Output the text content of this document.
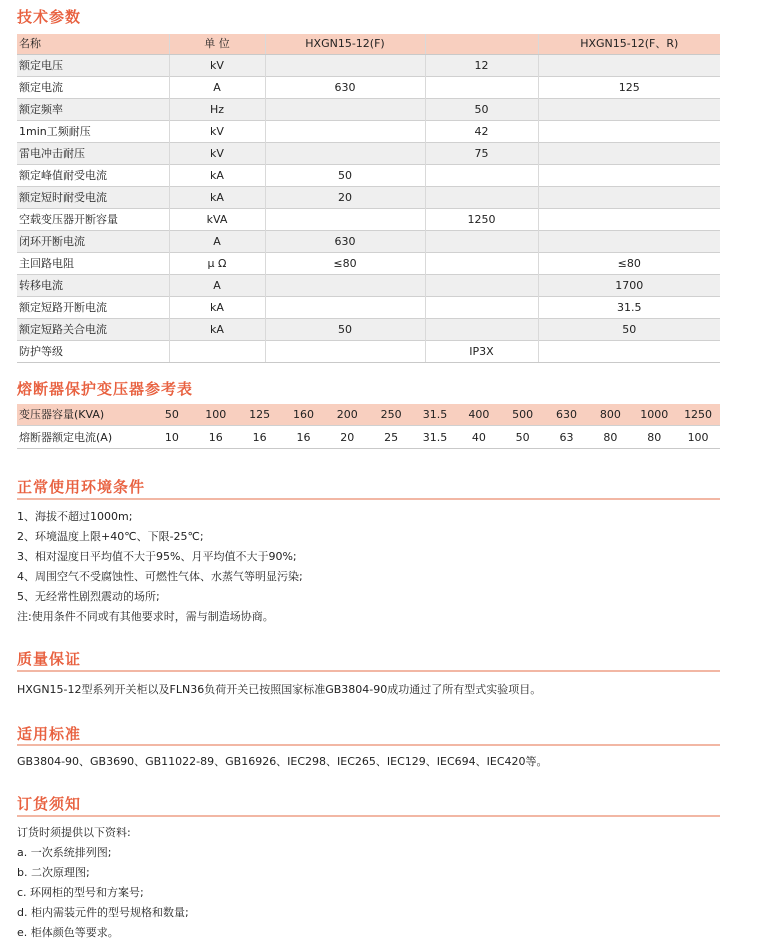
技术参数
名称	单 位	HXGN15-12(F)		HXGN15-12(F、R)
额定电压	kV		12	
额定电流	A	630		125
额定频率	Hz		50	
1min工频耐压	kV		42	
雷电冲击耐压	kV		75	
额定峰值耐受电流	kA	50		
额定短时耐受电流	kA	20		
空载变压器开断容量	kVA		1250	
闭环开断电流	A	630		
主回路电阻	μ Ω	≤80		≤80
转移电流	A			1700
额定短路开断电流	kA			31.5
额定短路关合电流	kA	50		50
防护等级			IP3X	
熔断器保护变压器参考表
变压器容量(KVA)	50	100	125	160	200	250	31.5	400	500	630	800	1000	1250
熔断器额定电流(A)	10	16	16	16	20	25	31.5	40	50	63	80	80	100
正常使用环境条件
1、海拔不超过1000m;
2、环境温度上限+40℃、下限-25℃;
3、相对湿度日平均值不大于95%、月平均值不大于90%;
4、周围空气不受腐蚀性、可燃性气体、水蒸气等明显污染;
5、无经常性剧烈震动的场所;
注:使用条件不同或有其他要求时，需与制造场协商。
质量保证

HXGN15-12型系列开关柜以及FLN36负荷开关已按照国家标准GB3804-90成功通过了所有型式实验项目。

适用标准

GB3804-90、GB3690、GB11022-89、GB16926、IEC298、IEC265、IEC129、IEC694、IEC420等。

订货须知
订货时须提供以下资料:
a. 一次系统排列图;
b. 二次原理图;
c. 环网柜的型号和方案号;
d. 柜内需装元件的型号规格和数量;
e. 柜体颜色等要求。
